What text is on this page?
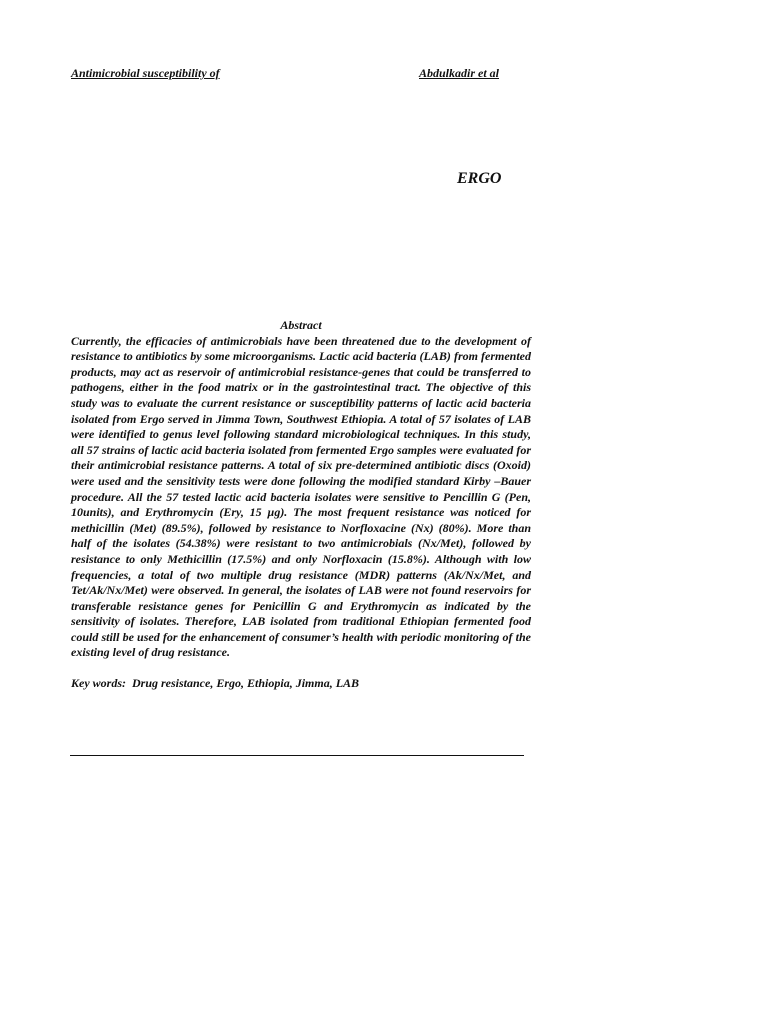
Antimicrobial susceptibility of	Abdulkadir et al
ERGO

Abstract

Currently, the efficacies of antimicrobials have been threatened due to the development of resistance to antibiotics by some microorganisms. Lactic acid bacteria (LAB) from fermented products, may act as reservoir of antimicrobial resistance-genes that could be transferred to pathogens, either in the food matrix or in the gastrointestinal tract. The objective of this study was to evaluate the current resistance or susceptibility patterns of lactic acid bacteria isolated from Ergo served in Jimma Town, Southwest Ethiopia. A total of 57 isolates of LAB were identified to genus level following standard microbiological techniques. In this study, all 57 strains of lactic acid bacteria isolated from fermented Ergo samples were evaluated for their antimicrobial resistance patterns. A total of six pre-determined antibiotic discs (Oxoid) were used and the sensitivity tests were done following the modified standard Kirby –Bauer procedure. All the 57 tested lactic acid bacteria isolates were sensitive to Pencillin G (Pen, 10units), and Erythromycin (Ery, 15 µg). The most frequent resistance was noticed for methicillin (Met) (89.5%), followed by resistance to Norfloxacine (Nx) (80%). More than half of the isolates (54.38%) were resistant to two antimicrobials (Nx/Met), followed by resistance to only Methicillin (17.5%) and only Norfloxacin (15.8%). Although with low frequencies, a total of two multiple drug resistance (MDR) patterns (Ak/Nx/Met, and Tet/Ak/Nx/Met) were observed. In general, the isolates of LAB were not found reservoirs for transferable resistance genes for Penicillin G and Erythromycin as indicated by the sensitivity of isolates. Therefore, LAB isolated from traditional Ethiopian fermented food could still be used for the enhancement of consumer’s health with periodic monitoring of the existing level of drug resistance.

Key words:  Drug resistance, Ergo, Ethiopia, Jimma, LAB
